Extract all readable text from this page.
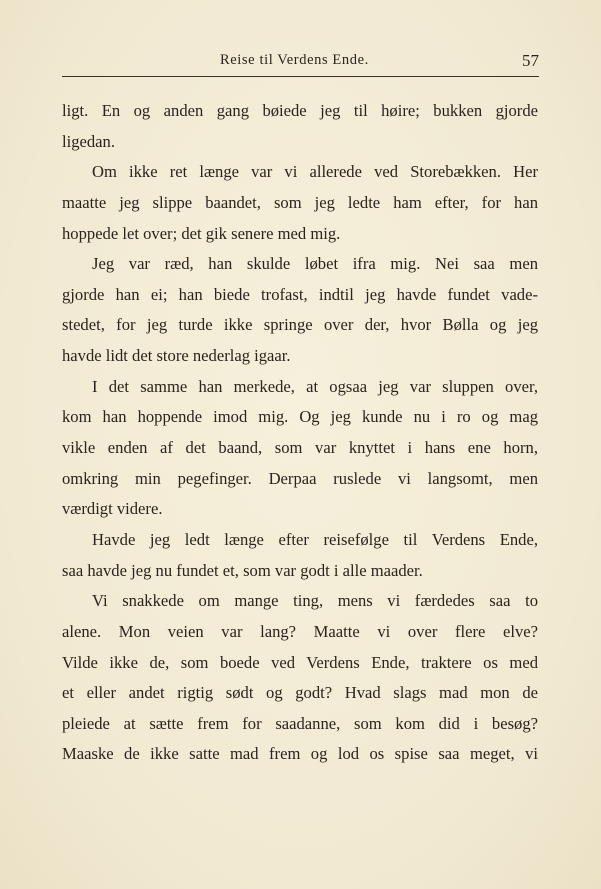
Reise til Verdens Ende.	57
ligt. En og anden gang bøiede jeg til høire; bukken gjorde
ligedan.
Om ikke ret længe var vi allerede ved Storebækken. Her
maatte jeg slippe baandet, som jeg ledte ham efter, for han
hoppede let over; det gik senere med mig.
Jeg var ræd, han skulde løbet ifra mig. Nei saa men
gjorde han ei; han biede trofast, indtil jeg havde fundet vade-
stedet, for jeg turde ikke springe over der, hvor Bølla og jeg
havde lidt det store nederlag igaar.
I det samme han merkede, at ogsaa jeg var sluppen over,
kom han hoppende imod mig. Og jeg kunde nu i ro og mag
vikle enden af det baand, som var knyttet i hans ene horn,
omkring min pegefinger. Derpaa ruslede vi langsomt, men
værdigt videre.
Havde jeg ledt længe efter reisefølge til Verdens Ende,
saa havde jeg nu fundet et, som var godt i alle maader.
Vi snakkede om mange ting, mens vi færdedes saa to
alene. Mon veien var lang? Maatte vi over flere elve?
Vilde ikke de, som boede ved Verdens Ende, traktere os med
et eller andet rigtig sødt og godt? Hvad slags mad mon de
pleiede at sætte frem for saadanne, som kom did i besøg?
Maaske de ikke satte mad frem og lod os spise saa meget, vi
